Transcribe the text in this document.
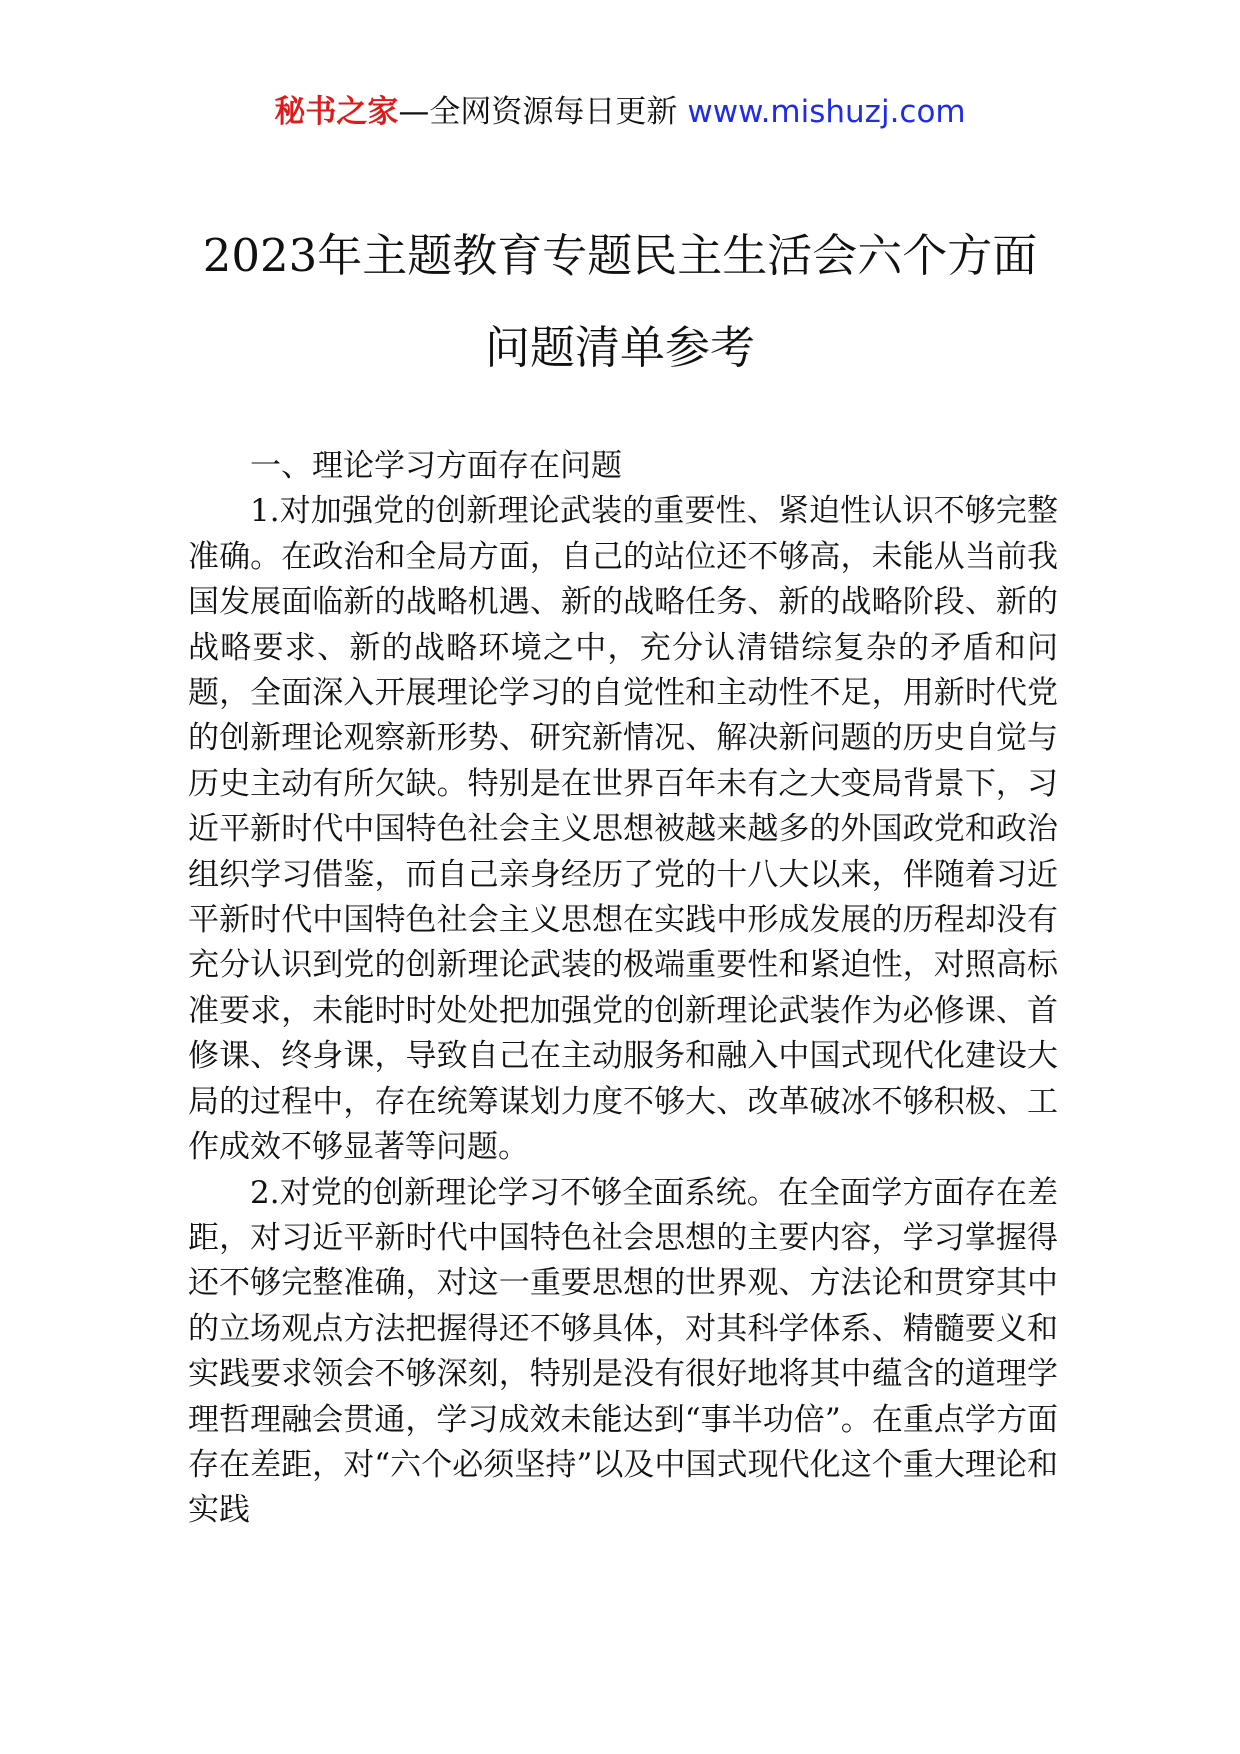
秘书之家—全网资源每日更新 www.mishuzj.com
2023年主题教育专题民主生活会六个方面
问题清单参考

一、理论学习方面存在问题

1.对加强党的创新理论武装的重要性、紧迫性认识不够完整准确。在政治和全局方面，自己的站位还不够高，未能从当前我国发展面临新的战略机遇、新的战略任务、新的战略阶段、新的战略要求、新的战略环境之中，充分认清错综复杂的矛盾和问题，全面深入开展理论学习的自觉性和主动性不足，用新时代党的创新理论观察新形势、研究新情况、解决新问题的历史自觉与历史主动有所欠缺。特别是在世界百年未有之大变局背景下，习近平新时代中国特色社会主义思想被越来越多的外国政党和政治组织学习借鉴，而自己亲身经历了党的十八大以来，伴随着习近平新时代中国特色社会主义思想在实践中形成发展的历程却没有充分认识到党的创新理论武装的极端重要性和紧迫性，对照高标准要求，未能时时处处把加强党的创新理论武装作为必修课、首修课、终身课，导致自己在主动服务和融入中国式现代化建设大局的过程中，存在统筹谋划力度不够大、改革破冰不够积极、工作成效不够显著等问题。

2.对党的创新理论学习不够全面系统。在全面学方面存在差距，对习近平新时代中国特色社会思想的主要内容，学习掌握得还不够完整准确，对这一重要思想的世界观、方法论和贯穿其中的立场观点方法把握得还不够具体，对其科学体系、精髓要义和实践要求领会不够深刻，特别是没有很好地将其中蕴含的道理学理哲理融会贯通，学习成效未能达到“事半功倍”。在重点学方面存在差距，对“六个必须坚持”以及中国式现代化这个重大理论和实践
